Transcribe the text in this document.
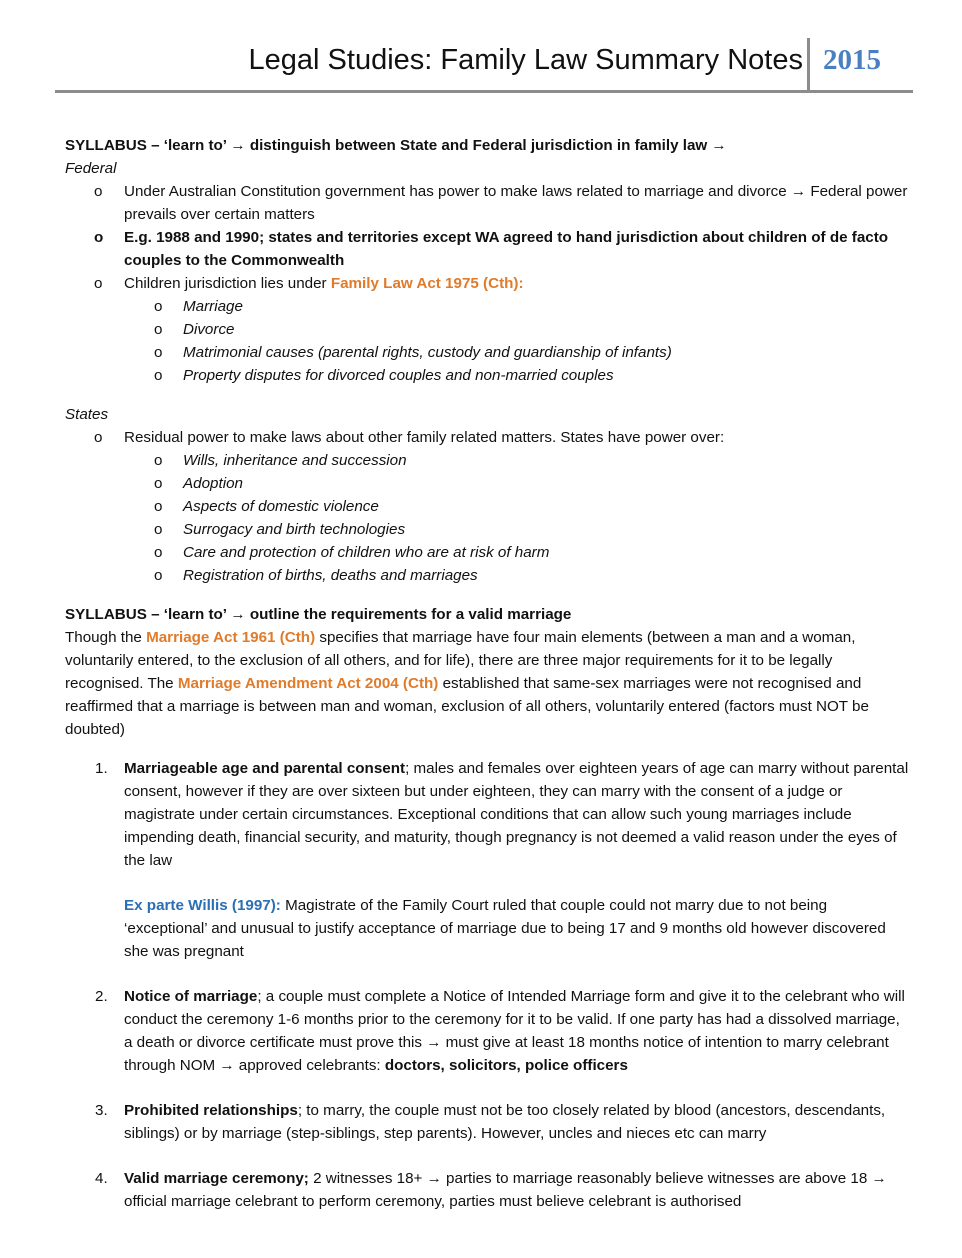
Legal Studies: Family Law Summary Notes 2015
SYLLABUS – ‘learn to’ → distinguish between State and Federal jurisdiction in family law →
Federal
o Under Australian Constitution government has power to make laws related to marriage and divorce → Federal power prevails over certain matters
o E.g. 1988 and 1990; states and territories except WA agreed to hand jurisdiction about children of de facto couples to the Commonwealth
o Children jurisdiction lies under Family Law Act 1975 (Cth):
o Marriage
o Divorce
o Matrimonial causes (parental rights, custody and guardianship of infants)
o Property disputes for divorced couples and non-married couples
States
o Residual power to make laws about other family related matters. States have power over:
o Wills, inheritance and succession
o Adoption
o Aspects of domestic violence
o Surrogacy and birth technologies
o Care and protection of children who are at risk of harm
o Registration of births, deaths and marriages
SYLLABUS – ‘learn to’ → outline the requirements for a valid marriage
Though the Marriage Act 1961 (Cth) specifies that marriage have four main elements (between a man and a woman, voluntarily entered, to the exclusion of all others, and for life), there are three major requirements for it to be legally recognised. The Marriage Amendment Act 2004 (Cth) established that same-sex marriages were not recognised and reaffirmed that a marriage is between man and woman, exclusion of all others, voluntarily entered (factors must NOT be doubted)
1. Marriageable age and parental consent; males and females over eighteen years of age can marry without parental consent, however if they are over sixteen but under eighteen, they can marry with the consent of a judge or magistrate under certain circumstances. Exceptional conditions that can allow such young marriages include impending death, financial security, and maturity, though pregnancy is not deemed a valid reason under the eyes of the law
Ex parte Willis (1997): Magistrate of the Family Court ruled that couple could not marry due to not being ‘exceptional’ and unusual to justify acceptance of marriage due to being 17 and 9 months old however discovered she was pregnant
2. Notice of marriage; a couple must complete a Notice of Intended Marriage form and give it to the celebrant who will conduct the ceremony 1-6 months prior to the ceremony for it to be valid. If one party has had a dissolved marriage, a death or divorce certificate must prove this → must give at least 18 months notice of intention to marry celebrant through NOM → approved celebrants: doctors, solicitors, police officers
3. Prohibited relationships; to marry, the couple must not be too closely related by blood (ancestors, descendants, siblings) or by marriage (step-siblings, step parents). However, uncles and nieces etc can marry
4. Valid marriage ceremony; 2 witnesses 18+ → parties to marriage reasonably believe witnesses are above 18 → official marriage celebrant to perform ceremony, parties must believe celebrant is authorised
